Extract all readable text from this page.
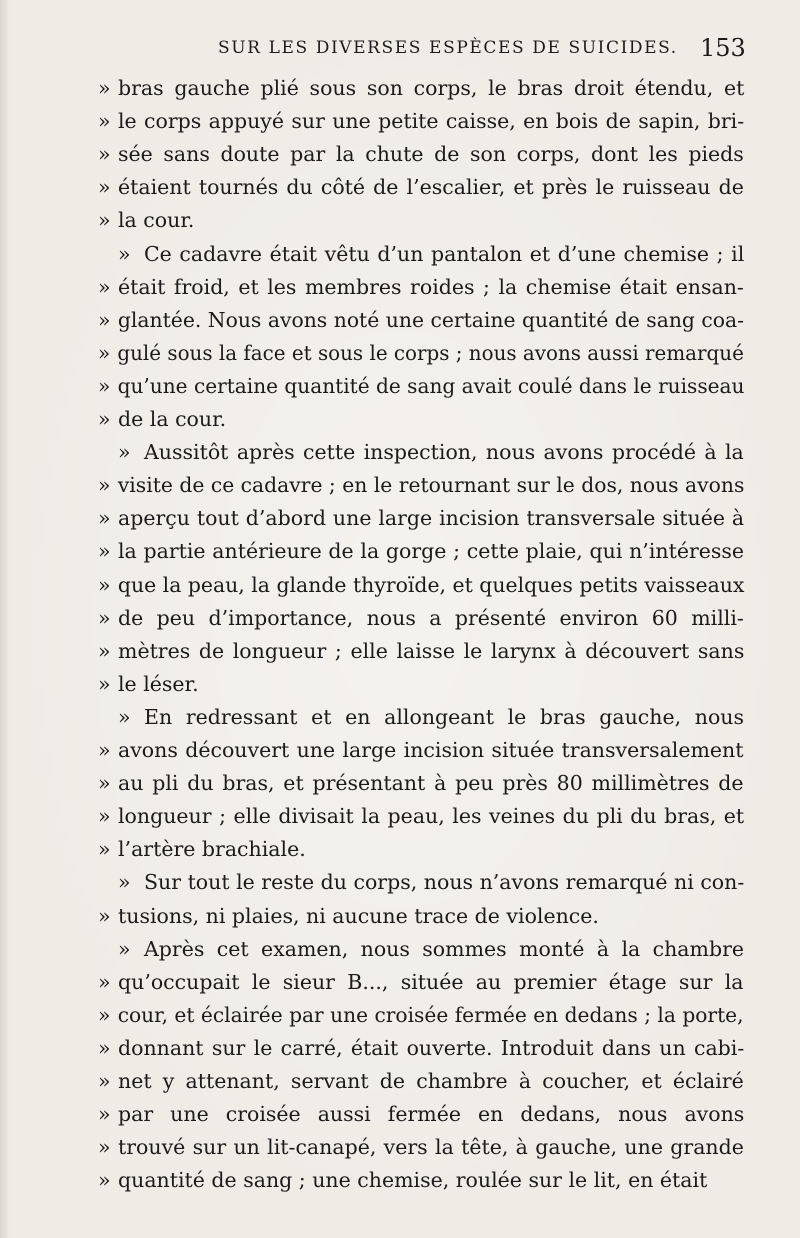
SUR LES DIVERSES ESPÈCES DE SUICIDES. 153
» bras gauche plié sous son corps, le bras droit étendu, et
» le corps appuyé sur une petite caisse, en bois de sapin, bri-
» sée sans doute par la chute de son corps, dont les pieds
» étaient tournés du côté de l’escalier, et près le ruisseau de
» la cour.
» Ce cadavre était vêtu d’un pantalon et d’une chemise ; il
» était froid, et les membres roides ; la chemise était ensan-
» glantée. Nous avons noté une certaine quantité de sang coa-
» gulé sous la face et sous le corps ; nous avons aussi remarqué
» qu’une certaine quantité de sang avait coulé dans le ruisseau
» de la cour.
» Aussitôt après cette inspection, nous avons procédé à la
» visite de ce cadavre ; en le retournant sur le dos, nous avons
» aperçu tout d’abord une large incision transversale située à
» la partie antérieure de la gorge ; cette plaie, qui n’intéresse
» que la peau, la glande thyroïde, et quelques petits vaisseaux
» de peu d’importance, nous a présenté environ 60 milli-
» mètres de longueur ; elle laisse le larynx à découvert sans
» le léser.
» En redressant et en allongeant le bras gauche, nous
» avons découvert une large incision située transversalement
» au pli du bras, et présentant à peu près 80 millimètres de
» longueur ; elle divisait la peau, les veines du pli du bras, et
» l’artère brachiale.
» Sur tout le reste du corps, nous n’avons remarqué ni con-
» tusions, ni plaies, ni aucune trace de violence.
» Après cet examen, nous sommes monté à la chambre
» qu’occupait le sieur B..., située au premier étage sur la
» cour, et éclairée par une croisée fermée en dedans ; la porte,
» donnant sur le carré, était ouverte. Introduit dans un cabi-
» net y attenant, servant de chambre à coucher, et éclairé
» par une croisée aussi fermée en dedans, nous avons
» trouvé sur un lit-canapé, vers la tête, à gauche, une grande
» quantité de sang ; une chemise, roulée sur le lit, en était
